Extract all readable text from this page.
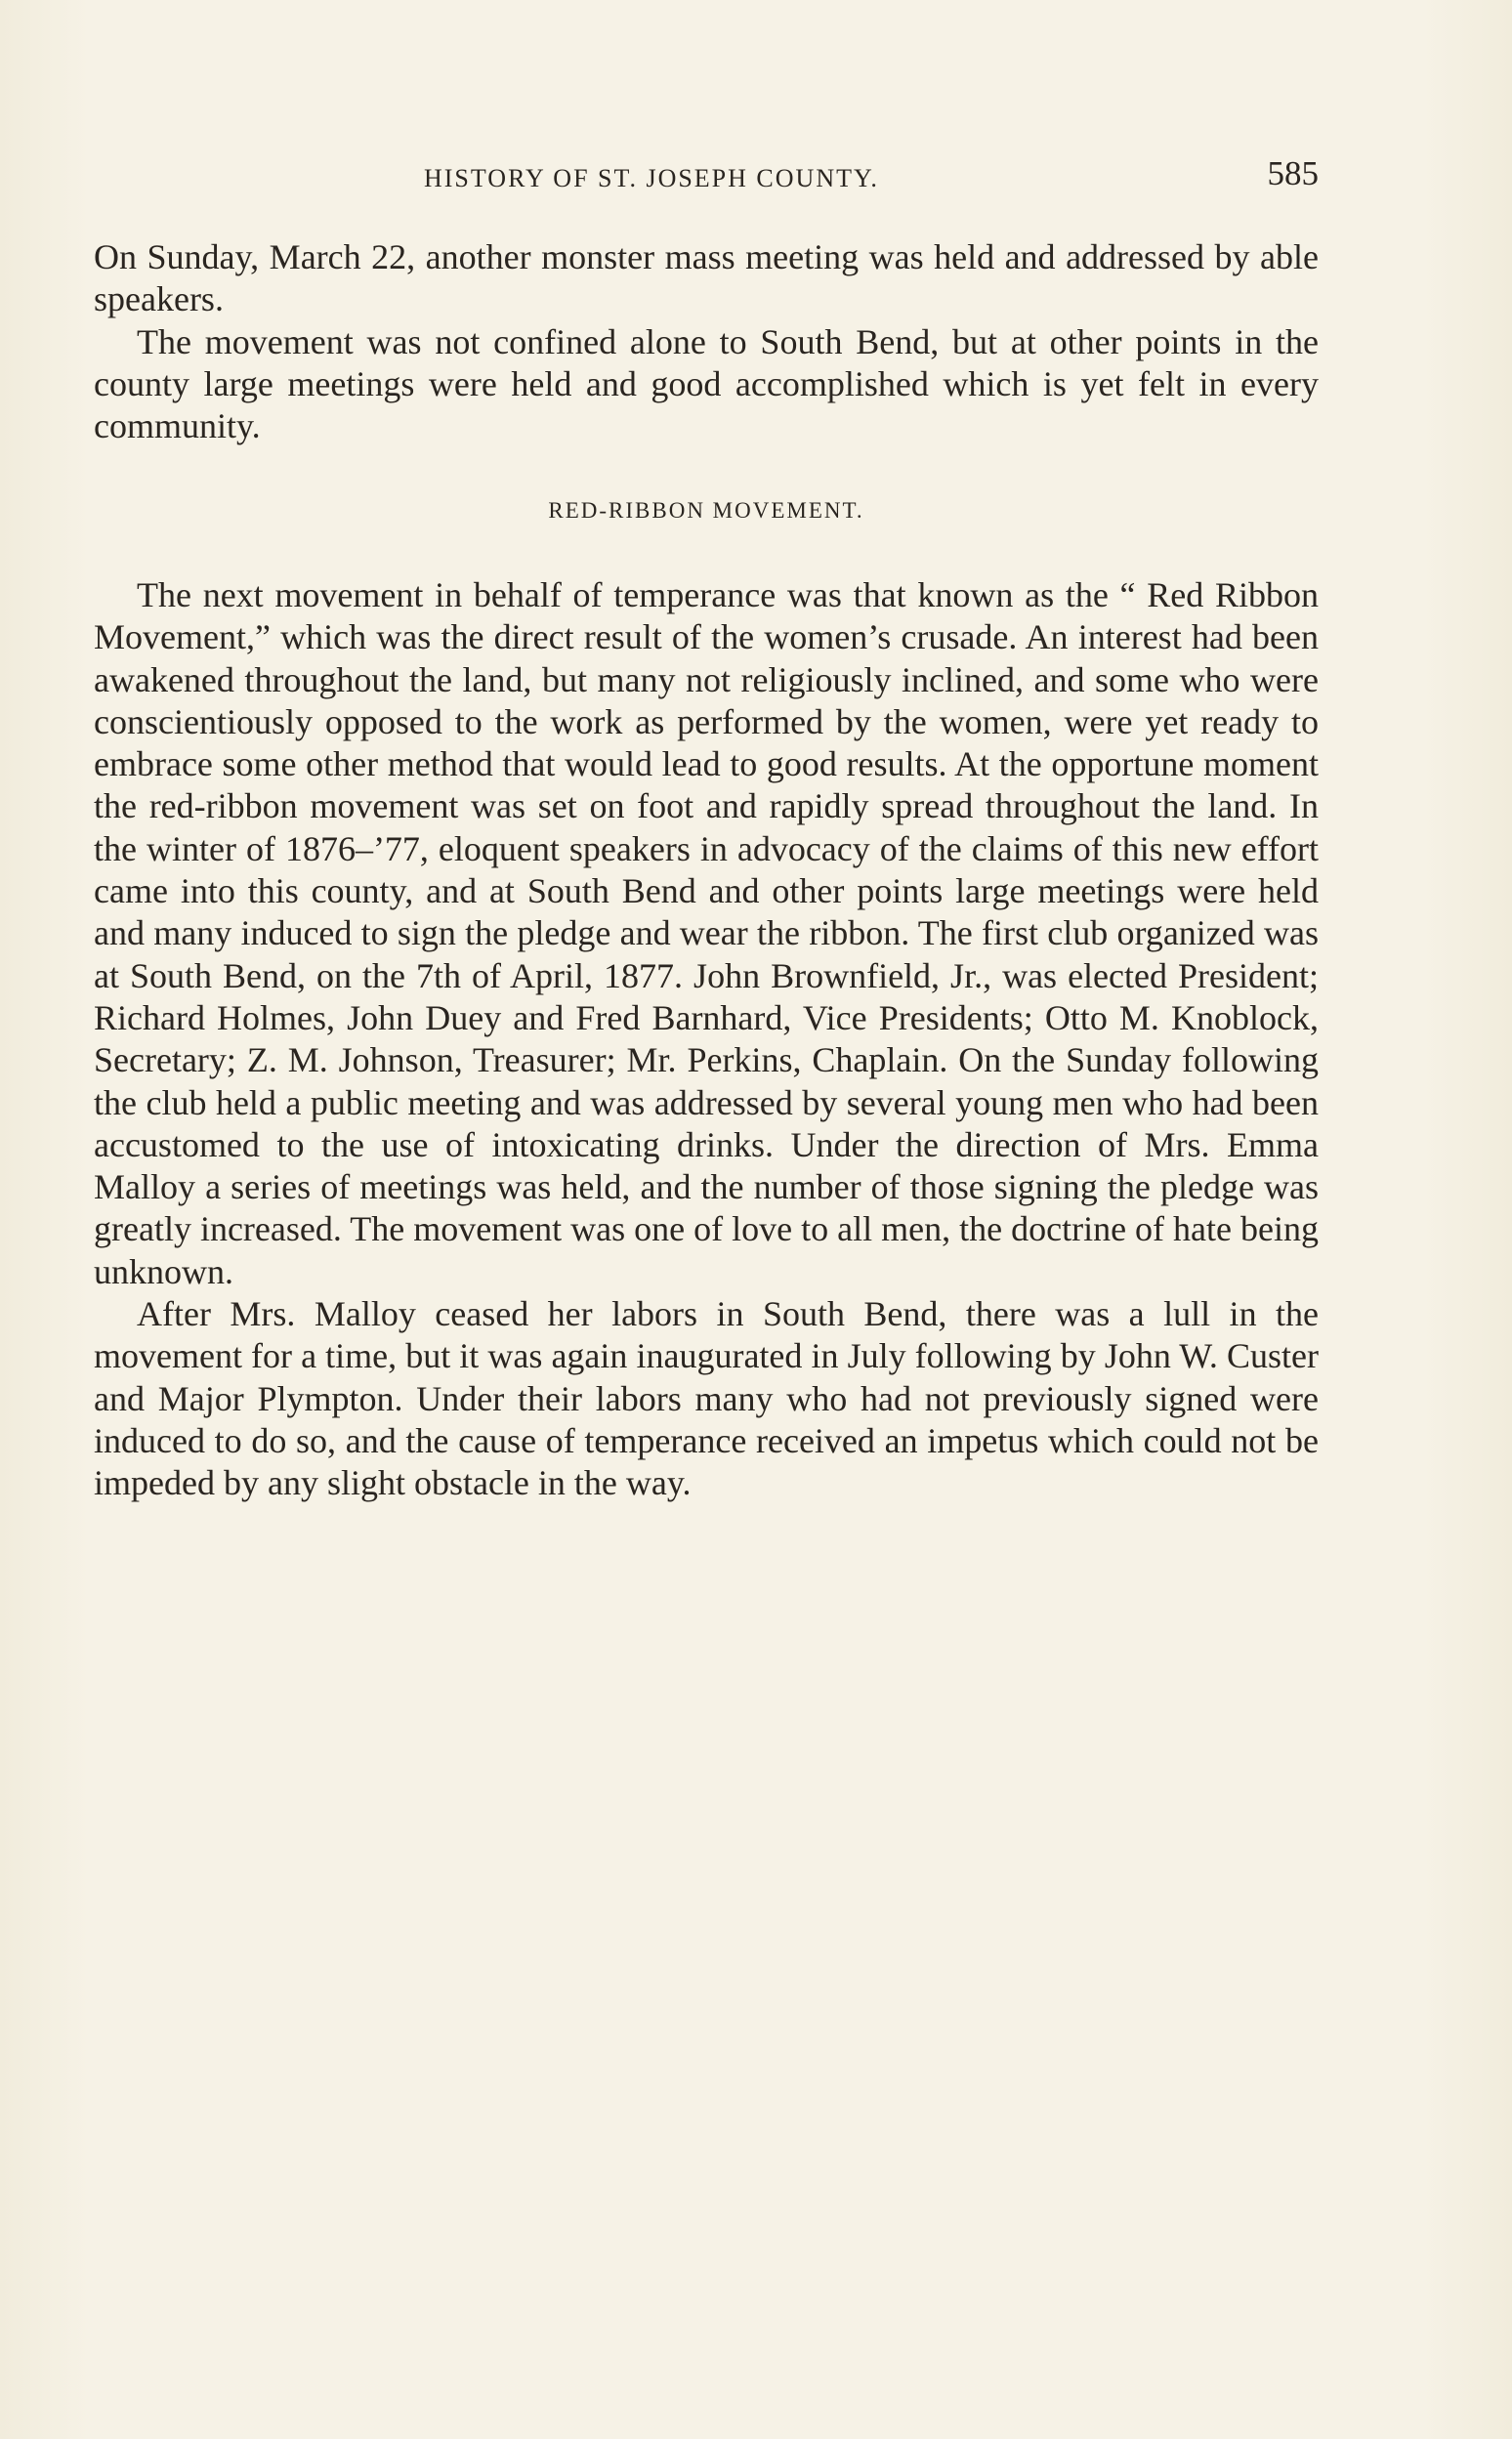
HISTORY OF ST. JOSEPH COUNTY.	585

On Sunday, March 22, another monster mass meeting was held and addressed by able speakers.

The movement was not confined alone to South Bend, but at other points in the county large meetings were held and good accomplished which is yet felt in every community.

RED-RIBBON MOVEMENT.

The next movement in behalf of temperance was that known as the “ Red Ribbon Movement,” which was the direct result of the women’s crusade. An interest had been awakened throughout the land, but many not religiously inclined, and some who were conscientiously opposed to the work as performed by the women, were yet ready to embrace some other method that would lead to good results. At the opportune moment the red-ribbon movement was set on foot and rapidly spread throughout the land. In the winter of 1876–’77, eloquent speakers in advocacy of the claims of this new effort came into this county, and at South Bend and other points large meetings were held and many induced to sign the pledge and wear the ribbon. The first club organized was at South Bend, on the 7th of April, 1877. John Brownfield, Jr., was elected President; Richard Holmes, John Duey and Fred Barnhard, Vice Presidents; Otto M. Knoblock, Secretary; Z. M. Johnson, Treasurer; Mr. Perkins, Chaplain. On the Sunday following the club held a public meeting and was addressed by several young men who had been accustomed to the use of intoxicating drinks. Under the direction of Mrs. Emma Malloy a series of meetings was held, and the number of those signing the pledge was greatly increased. The movement was one of love to all men, the doctrine of hate being unknown.

After Mrs. Malloy ceased her labors in South Bend, there was a lull in the movement for a time, but it was again inaugurated in July following by John W. Custer and Major Plympton. Under their labors many who had not previously signed were induced to do so, and the cause of temperance received an impetus which could not be impeded by any slight obstacle in the way.
